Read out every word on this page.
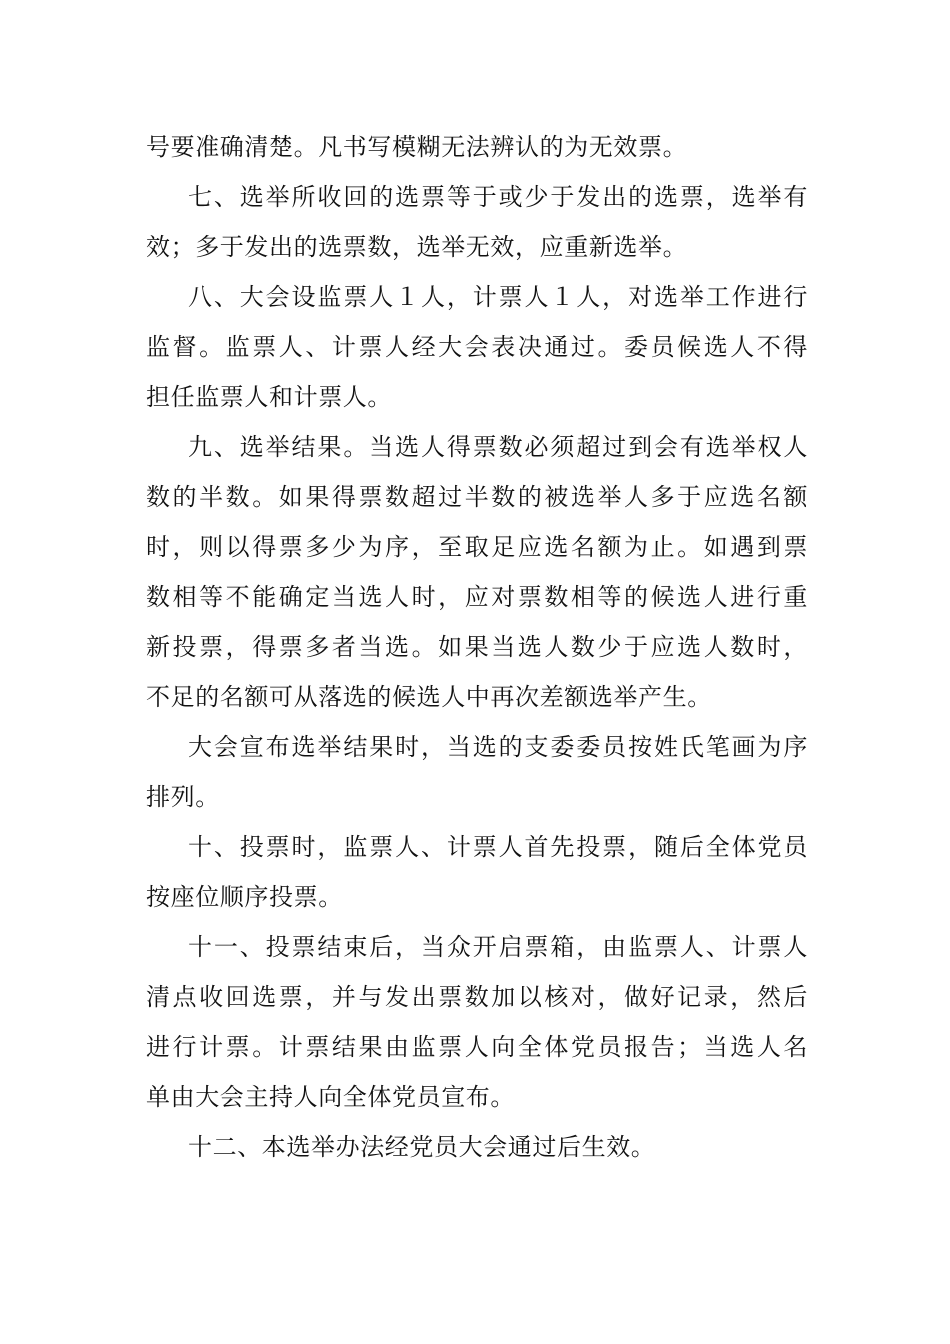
号要准确清楚。凡书写模糊无法辨认的为无效票。
七、选举所收回的选票等于或少于发出的选票，选举有
效；多于发出的选票数，选举无效，应重新选举。
八、大会设监票人１人，计票人１人，对选举工作进行
监督。监票人、计票人经大会表决通过。委员候选人不得
担任监票人和计票人。
九、选举结果。当选人得票数必须超过到会有选举权人
数的半数。如果得票数超过半数的被选举人多于应选名额
时，则以得票多少为序，至取足应选名额为止。如遇到票
数相等不能确定当选人时，应对票数相等的候选人进行重
新投票，得票多者当选。如果当选人数少于应选人数时，
不足的名额可从落选的候选人中再次差额选举产生。
大会宣布选举结果时，当选的支委委员按姓氏笔画为序
排列。
十、投票时，监票人、计票人首先投票，随后全体党员
按座位顺序投票。
十一、投票结束后，当众开启票箱，由监票人、计票人
清点收回选票，并与发出票数加以核对，做好记录，然后
进行计票。计票结果由监票人向全体党员报告；当选人名
单由大会主持人向全体党员宣布。
十二、本选举办法经党员大会通过后生效。
